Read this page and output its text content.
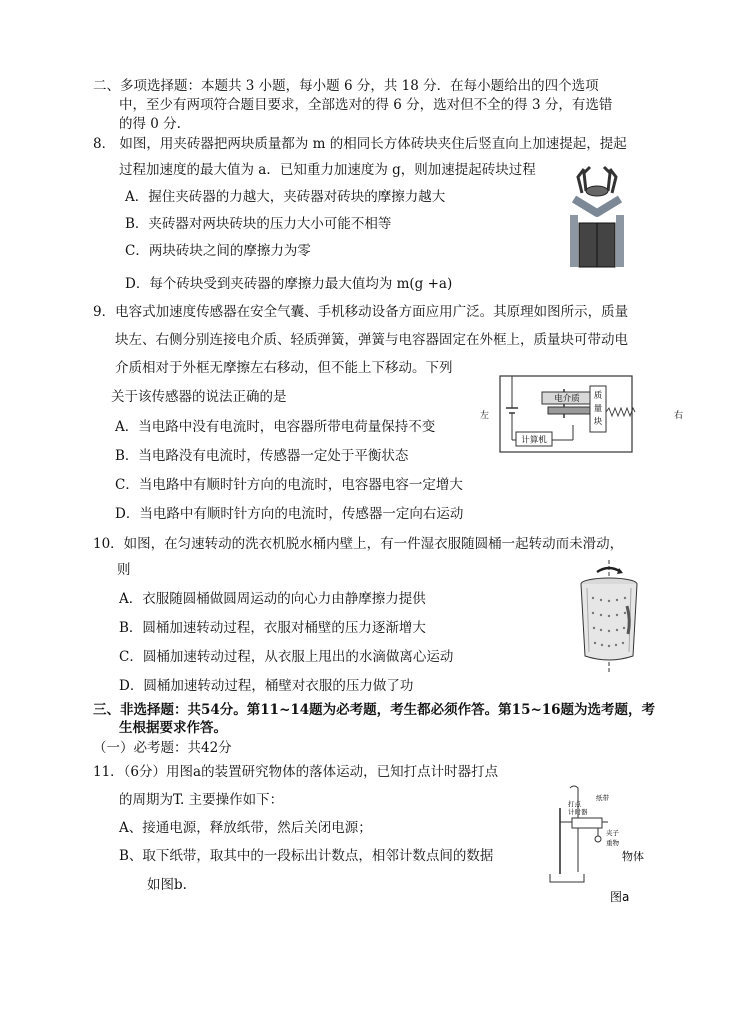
二、多项选择题：本题共 3 小题，每小题 6 分，共 18 分．在每小题给出的四个选项
中，至少有两项符合题目要求，全部选对的得 6 分，选对但不全的得 3 分，有选错
的得 0 分.
8． 如图，用夹砖器把两块质量都为 m 的相同长方体砖块夹住后竖直向上加速提起，提起
过程加速度的最大值为 a．已知重力加速度为 g，则加速提起砖块过程
A．握住夹砖器的力越大，夹砖器对砖块的摩擦力越大
B．夹砖器对两块砖块的压力大小可能不相等
C．两块砖块之间的摩擦力为零
D．每个砖块受到夹砖器的摩擦力最大值均为 m(g +a)
9．电容式加速度传感器在安全气囊、手机移动设备方面应用广泛。其原理如图所示，质量
块左、右侧分别连接电介质、轻质弹簧，弹簧与电容器固定在外框上，质量块可带动电
介质相对于外框无摩擦左右移动，但不能上下移动。下列
关于该传感器的说法正确的是
A．当电路中没有电流时，电容器所带电荷量保持不变
B．当电路没有电流时，传感器一定处于平衡状态
C．当电路中有顺时针方向的电流时，电容器电容一定增大
D．当电路中有顺时针方向的电流时，传感器一定向右运动
计算机
电介质 质
量
块
左	右
10．如图，在匀速转动的洗衣机脱水桶内壁上，有一件湿衣服随圆桶一起转动而未滑动，
则
A．衣服随圆桶做圆周运动的向心力由静摩擦力提供
B．圆桶加速转动过程，衣服对桶壁的压力逐渐增大
C．圆桶加速转动过程，从衣服上甩出的水滴做离心运动
D．圆桶加速转动过程，桶壁对衣服的压力做了功
三、非选择题：共54分。第11~14题为必考题，考生都必须作答。第15~16题为选考题，考
生根据要求作答。
（一）必考题：共42分
11．（6分）用图a的装置研究物体的落体运动，已知打点计时器打点
的周期为T. 主要操作如下：
A、接通电源，释放纸带，然后关闭电源；
B、取下纸带，取其中的一段标出计数点，相邻计数点间的数据
如图b.
打点
计时器
纸带
夹子
重物
物体
图a
